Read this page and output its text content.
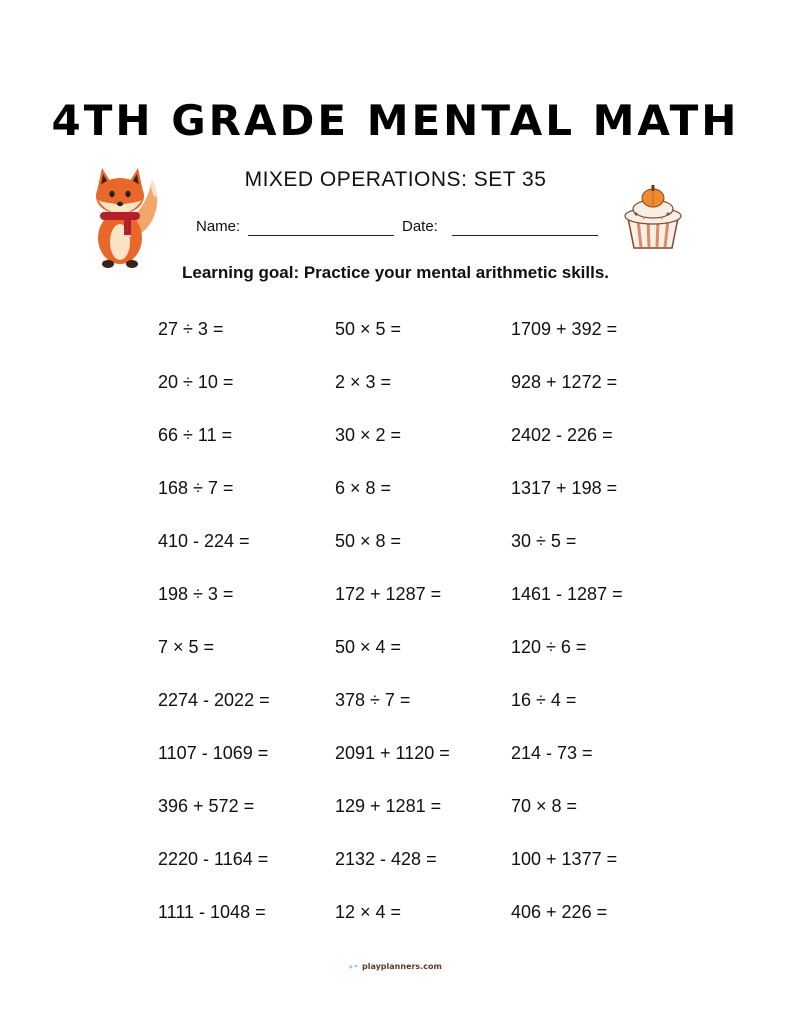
4TH GRADE MENTAL MATH
MIXED OPERATIONS: SET 35
Name:	Date:
Learning goal: Practice your mental arithmetic skills.
27 ÷ 3 =	50 × 5 =	1709 + 392 =
20 ÷ 10 =	2 × 3 =	928 + 1272 =
66 ÷ 11 =	30 × 2 =	2402 - 226 =
168 ÷ 7 =	6 × 8 =	1317 + 198 =
410 - 224 =	50 × 8 =	30 ÷ 5 =
198 ÷ 3 =	172 + 1287 =	1461 - 1287 =
7 × 5 =	50 × 4 =	120 ÷ 6 =
2274 - 2022 =	378 ÷ 7 =	16 ÷ 4 =
1107 - 1069 =	2091 + 1120 =	214 - 73 =
396 + 572 =	129 + 1281 =	70 × 8 =
2220 - 1164 =	2132 - 428 =	100 + 1377 =
1111 - 1048 =	12 × 4 =	406 + 226 =
playplanners.com
